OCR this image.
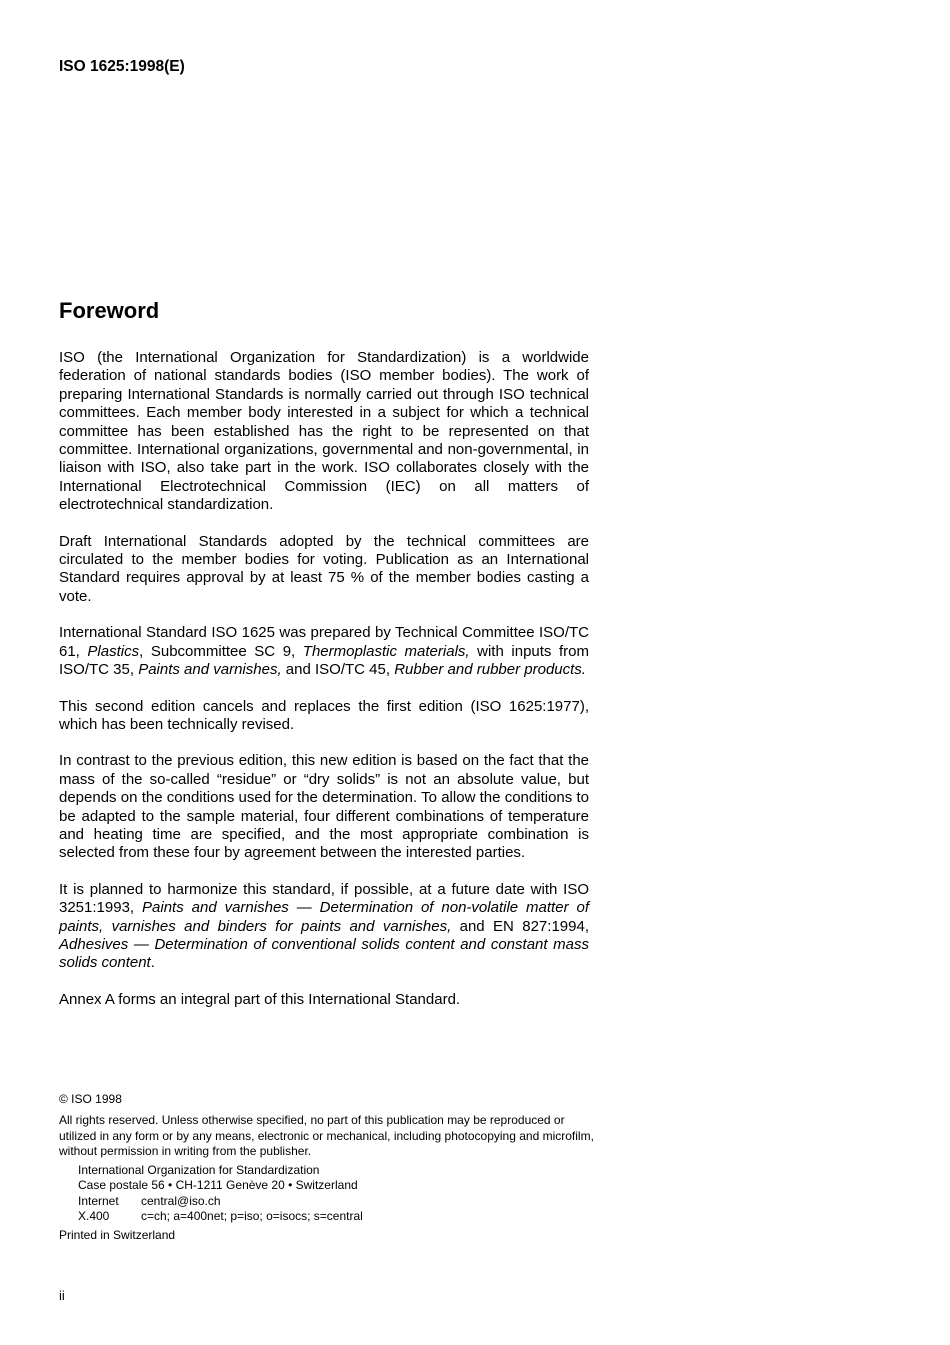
ISO 1625:1998(E)
Foreword

ISO (the International Organization for Standardization) is a worldwide federation of national standards bodies (ISO member bodies). The work of preparing International Standards is normally carried out through ISO technical committees. Each member body interested in a subject for which a technical committee has been established has the right to be represented on that committee. International organizations, governmental and non-governmental, in liaison with ISO, also take part in the work. ISO collaborates closely with the International Electrotechnical Commission (IEC) on all matters of electrotechnical standardization.

Draft International Standards adopted by the technical committees are circulated to the member bodies for voting. Publication as an International Standard requires approval by at least 75 % of the member bodies casting a vote.

International Standard ISO 1625 was prepared by Technical Committee ISO/TC 61, Plastics, Subcommittee SC 9, Thermoplastic materials, with inputs from ISO/TC 35, Paints and varnishes, and ISO/TC 45, Rubber and rubber products.

This second edition cancels and replaces the first edition (ISO 1625:1977), which has been technically revised.

In contrast to the previous edition, this new edition is based on the fact that the mass of the so-called “residue” or “dry solids” is not an absolute value, but depends on the conditions used for the determination. To allow the conditions to be adapted to the sample material, four different combinations of temperature and heating time are specified, and the most appropriate combination is selected from these four by agreement between the interested parties.

It is planned to harmonize this standard, if possible, at a future date with ISO 3251:1993, Paints and varnishes — Determination of non-volatile matter of paints, varnishes and binders for paints and varnishes, and EN 827:1994, Adhesives — Determination of conventional solids content and constant mass solids content.

Annex A forms an integral part of this International Standard.

© ISO 1998
All rights reserved. Unless otherwise specified, no part of this publication may be reproduced or utilized in any form or by any means, electronic or mechanical, including photocopying and microfilm, without permission in writing from the publisher.
International Organization for Standardization
Case postale 56 • CH-1211 Genève 20 • Switzerland
Internet central@iso.ch
X.400	c=ch; a=400net; p=iso; o=isocs; s=central
Printed in Switzerland
ii
